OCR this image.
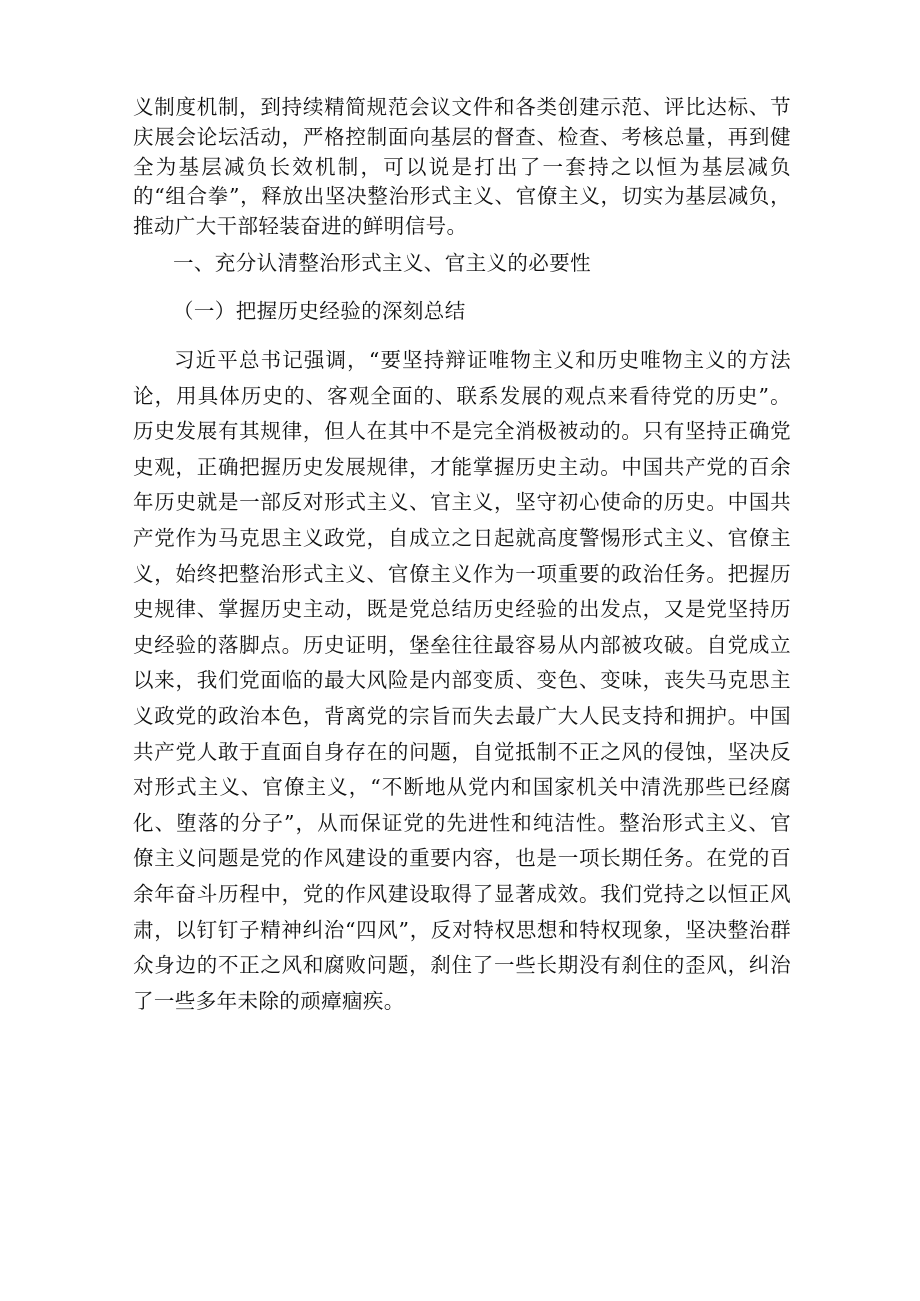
义制度机制，到持续精简规范会议文件和各类创建示范、评比达标、节庆展会论坛活动，严格控制面向基层的督查、检查、考核总量，再到健全为基层减负长效机制，可以说是打出了一套持之以恒为基层减负的“组合拳”，释放出坚决整治形式主义、官僚主义，切实为基层减负，推动广大干部轻装奋进的鲜明信号。

一、充分认清整治形式主义、官主义的必要性
（一）把握历史经验的深刻总结

习近平总书记强调，“要坚持辩证唯物主义和历史唯物主义的方法论，用具体历史的、客观全面的、联系发展的观点来看待党的历史”。历史发展有其规律，但人在其中不是完全消极被动的。只有坚持正确党史观，正确把握历史发展规律，才能掌握历史主动。中国共产党的百余年历史就是一部反对形式主义、官主义，坚守初心使命的历史。中国共产党作为马克思主义政党，自成立之日起就高度警惕形式主义、官僚主义，始终把整治形式主义、官僚主义作为一项重要的政治任务。把握历史规律、掌握历史主动，既是党总结历史经验的出发点，又是党坚持历史经验的落脚点。历史证明，堡垒往往最容易从内部被攻破。自党成立以来，我们党面临的最大风险是内部变质、变色、变味，丧失马克思主义政党的政治本色，背离党的宗旨而失去最广大人民支持和拥护。中国共产党人敢于直面自身存在的问题，自觉抵制不正之风的侵蚀，坚决反对形式主义、官僚主义，“不断地从党内和国家机关中清洗那些已经腐化、堕落的分子”，从而保证党的先进性和纯洁性。整治形式主义、官僚主义问题是党的作风建设的重要内容，也是一项长期任务。在党的百余年奋斗历程中，党的作风建设取得了显著成效。我们党持之以恒正风肃，以钉钉子精神纠治“四风”，反对特权思想和特权现象，坚决整治群众身边的不正之风和腐败问题，刹住了一些长期没有刹住的歪风，纠治了一些多年未除的顽瘴痼疾。
